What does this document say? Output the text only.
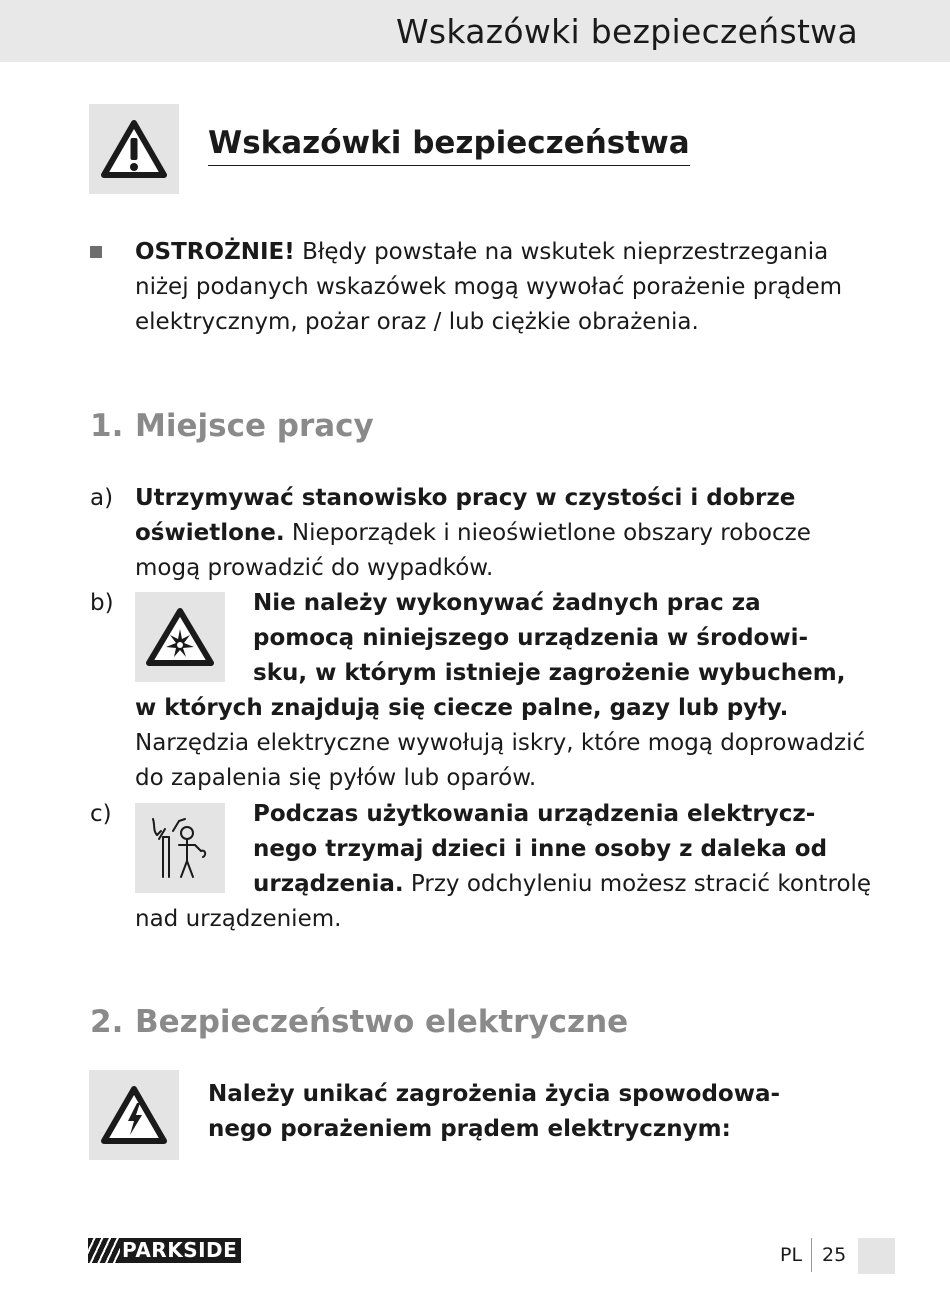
Wskazówki bezpieczeństwa
Wskazówki bezpieczeństwa
OSTROŻNIE! Błędy powstałe na wskutek nieprzestrzegania
niżej podanych wskazówek mogą wywołać porażenie prądem
elektrycznym, pożar oraz / lub ciężkie obrażenia.
1. Miejsce pracy
a) Utrzymywać stanowisko pracy w czystości i dobrze
oświetlone. Nieporządek i nieoświetlone obszary robocze
mogą prowadzić do wypadków.
b)	Nie należy wykonywać żadnych prac za
pomocą niniejszego urządzenia w środowi-
sku, w którym istnieje zagrożenie wybuchem,
w których znajdują się ciecze palne, gazy lub pyły.
Narzędzia elektryczne wywołują iskry, które mogą doprowadzić
do zapalenia się pyłów lub oparów.
c)	Podczas użytkowania urządzenia elektrycz-
nego trzymaj dzieci i inne osoby z daleka od
urządzenia. Przy odchyleniu możesz stracić kontrolę
nad urządzeniem.
2. Bezpieczeństwo elektryczne
Należy unikać zagrożenia życia spowodowa-
nego porażeniem prądem elektrycznym:
PARKSIDE	PL 25
